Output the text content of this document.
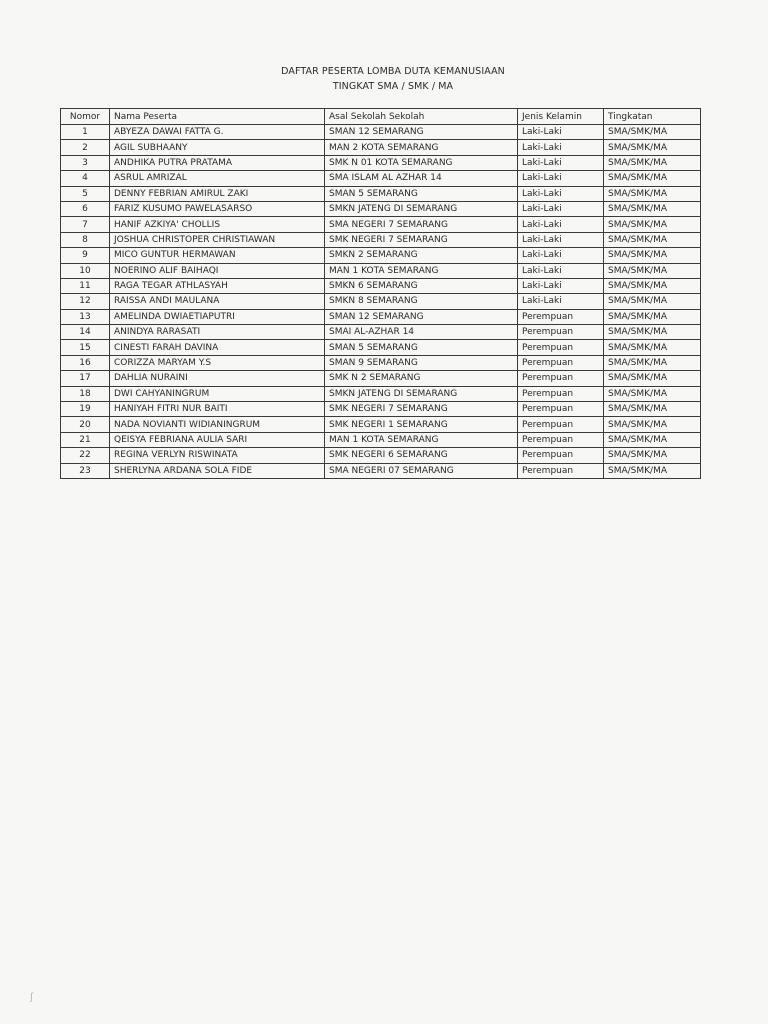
DAFTAR PESERTA LOMBA DUTA KEMANUSIAAN
TINGKAT SMA / SMK / MA
Nomor	Nama Peserta	Asal Sekolah Sekolah	Jenis Kelamin	Tingkatan
1	ABYEZA DAWAI FATTA G.	SMAN 12 SEMARANG	Laki-Laki	SMA/SMK/MA
2	AGIL SUBHAANY	MAN 2 KOTA SEMARANG	Laki-Laki	SMA/SMK/MA
3	ANDHIKA PUTRA PRATAMA	SMK N 01 KOTA SEMARANG	Laki-Laki	SMA/SMK/MA
4	ASRUL AMRIZAL	SMA ISLAM AL AZHAR 14	Laki-Laki	SMA/SMK/MA
5	DENNY FEBRIAN AMIRUL ZAKI	SMAN 5 SEMARANG	Laki-Laki	SMA/SMK/MA
6	FARIZ KUSUMO PAWELASARSO	SMKN JATENG DI SEMARANG	Laki-Laki	SMA/SMK/MA
7	HANIF AZKIYA' CHOLLIS	SMA NEGERI 7 SEMARANG	Laki-Laki	SMA/SMK/MA
8	JOSHUA CHRISTOPER CHRISTIAWAN	SMK NEGERI 7 SEMARANG	Laki-Laki	SMA/SMK/MA
9	MICO GUNTUR HERMAWAN	SMKN 2 SEMARANG	Laki-Laki	SMA/SMK/MA
10	NOERINO ALIF BAIHAQI	MAN 1 KOTA SEMARANG	Laki-Laki	SMA/SMK/MA
11	RAGA TEGAR ATHLASYAH	SMKN 6 SEMARANG	Laki-Laki	SMA/SMK/MA
12	RAISSA ANDI MAULANA	SMKN 8 SEMARANG	Laki-Laki	SMA/SMK/MA
13	AMELINDA DWIAETIAPUTRI	SMAN 12 SEMARANG	Perempuan	SMA/SMK/MA
14	ANINDYA RARASATI	SMAI AL-AZHAR 14	Perempuan	SMA/SMK/MA
15	CINESTI FARAH DAVINA	SMAN 5 SEMARANG	Perempuan	SMA/SMK/MA
16	CORIZZA MARYAM Y.S	SMAN 9 SEMARANG	Perempuan	SMA/SMK/MA
17	DAHLIA NURAINI	SMK N 2 SEMARANG	Perempuan	SMA/SMK/MA
18	DWI CAHYANINGRUM	SMKN JATENG DI SEMARANG	Perempuan	SMA/SMK/MA
19	HANIYAH FITRI NUR BAITI	SMK NEGERI 7 SEMARANG	Perempuan	SMA/SMK/MA
20	NADA NOVIANTI WIDIANINGRUM	SMK NEGERI 1 SEMARANG	Perempuan	SMA/SMK/MA
21	QEISYA FEBRIANA AULIA SARI	MAN 1 KOTA SEMARANG	Perempuan	SMA/SMK/MA
22	REGINA VERLYN RISWINATA	SMK NEGERI 6 SEMARANG	Perempuan	SMA/SMK/MA
23	SHERLYNA ARDANA SOLA FIDE	SMA NEGERI 07 SEMARANG	Perempuan	SMA/SMK/MA
ʃ
